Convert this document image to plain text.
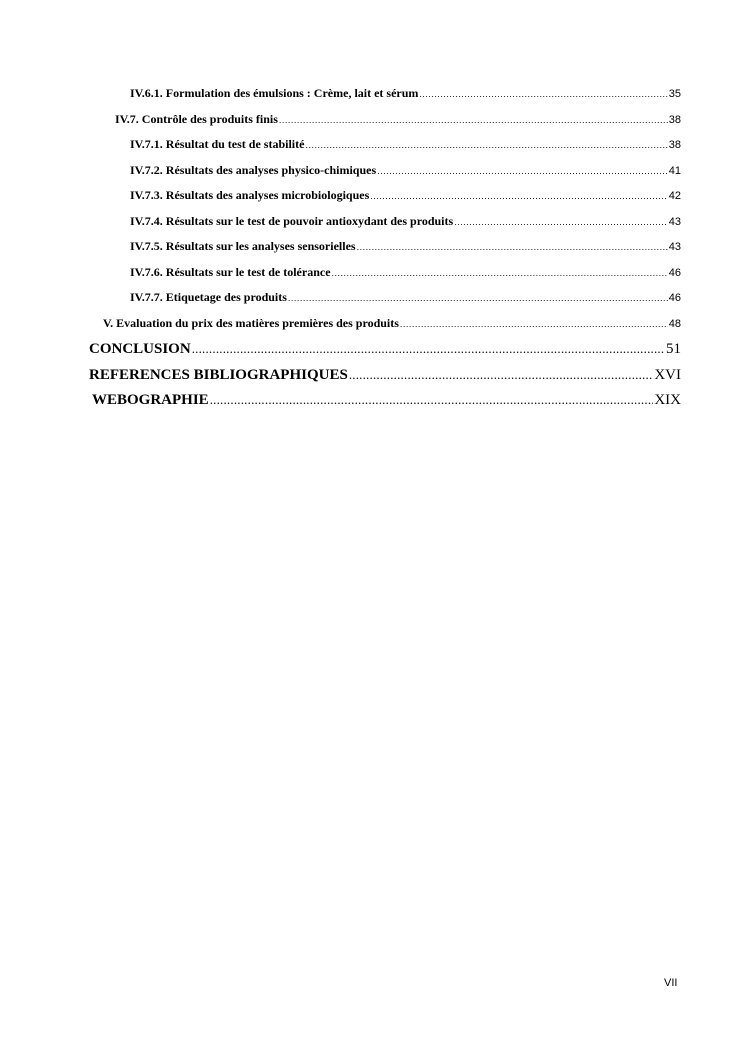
IV.6.1. Formulation des émulsions : Crème, lait et sérum .....	35
IV.7. Contrôle des produits finis .....	38
IV.7.1. Résultat du test de stabilité .....	38
IV.7.2. Résultats des analyses physico-chimiques .....	41
IV.7.3. Résultats des analyses microbiologiques .....	42
IV.7.4. Résultats sur le test de pouvoir antioxydant des produits .....	43
IV.7.5. Résultats sur les analyses sensorielles .....	43
IV.7.6. Résultats sur le test de tolérance .....	46
IV.7.7. Etiquetage des produits .....	46
V. Evaluation du prix des matières premières des produits .....	48
CONCLUSION .....	51
REFERENCES BIBLIOGRAPHIQUES .....	XVI
WEBOGRAPHIE .....	XIX
VII
